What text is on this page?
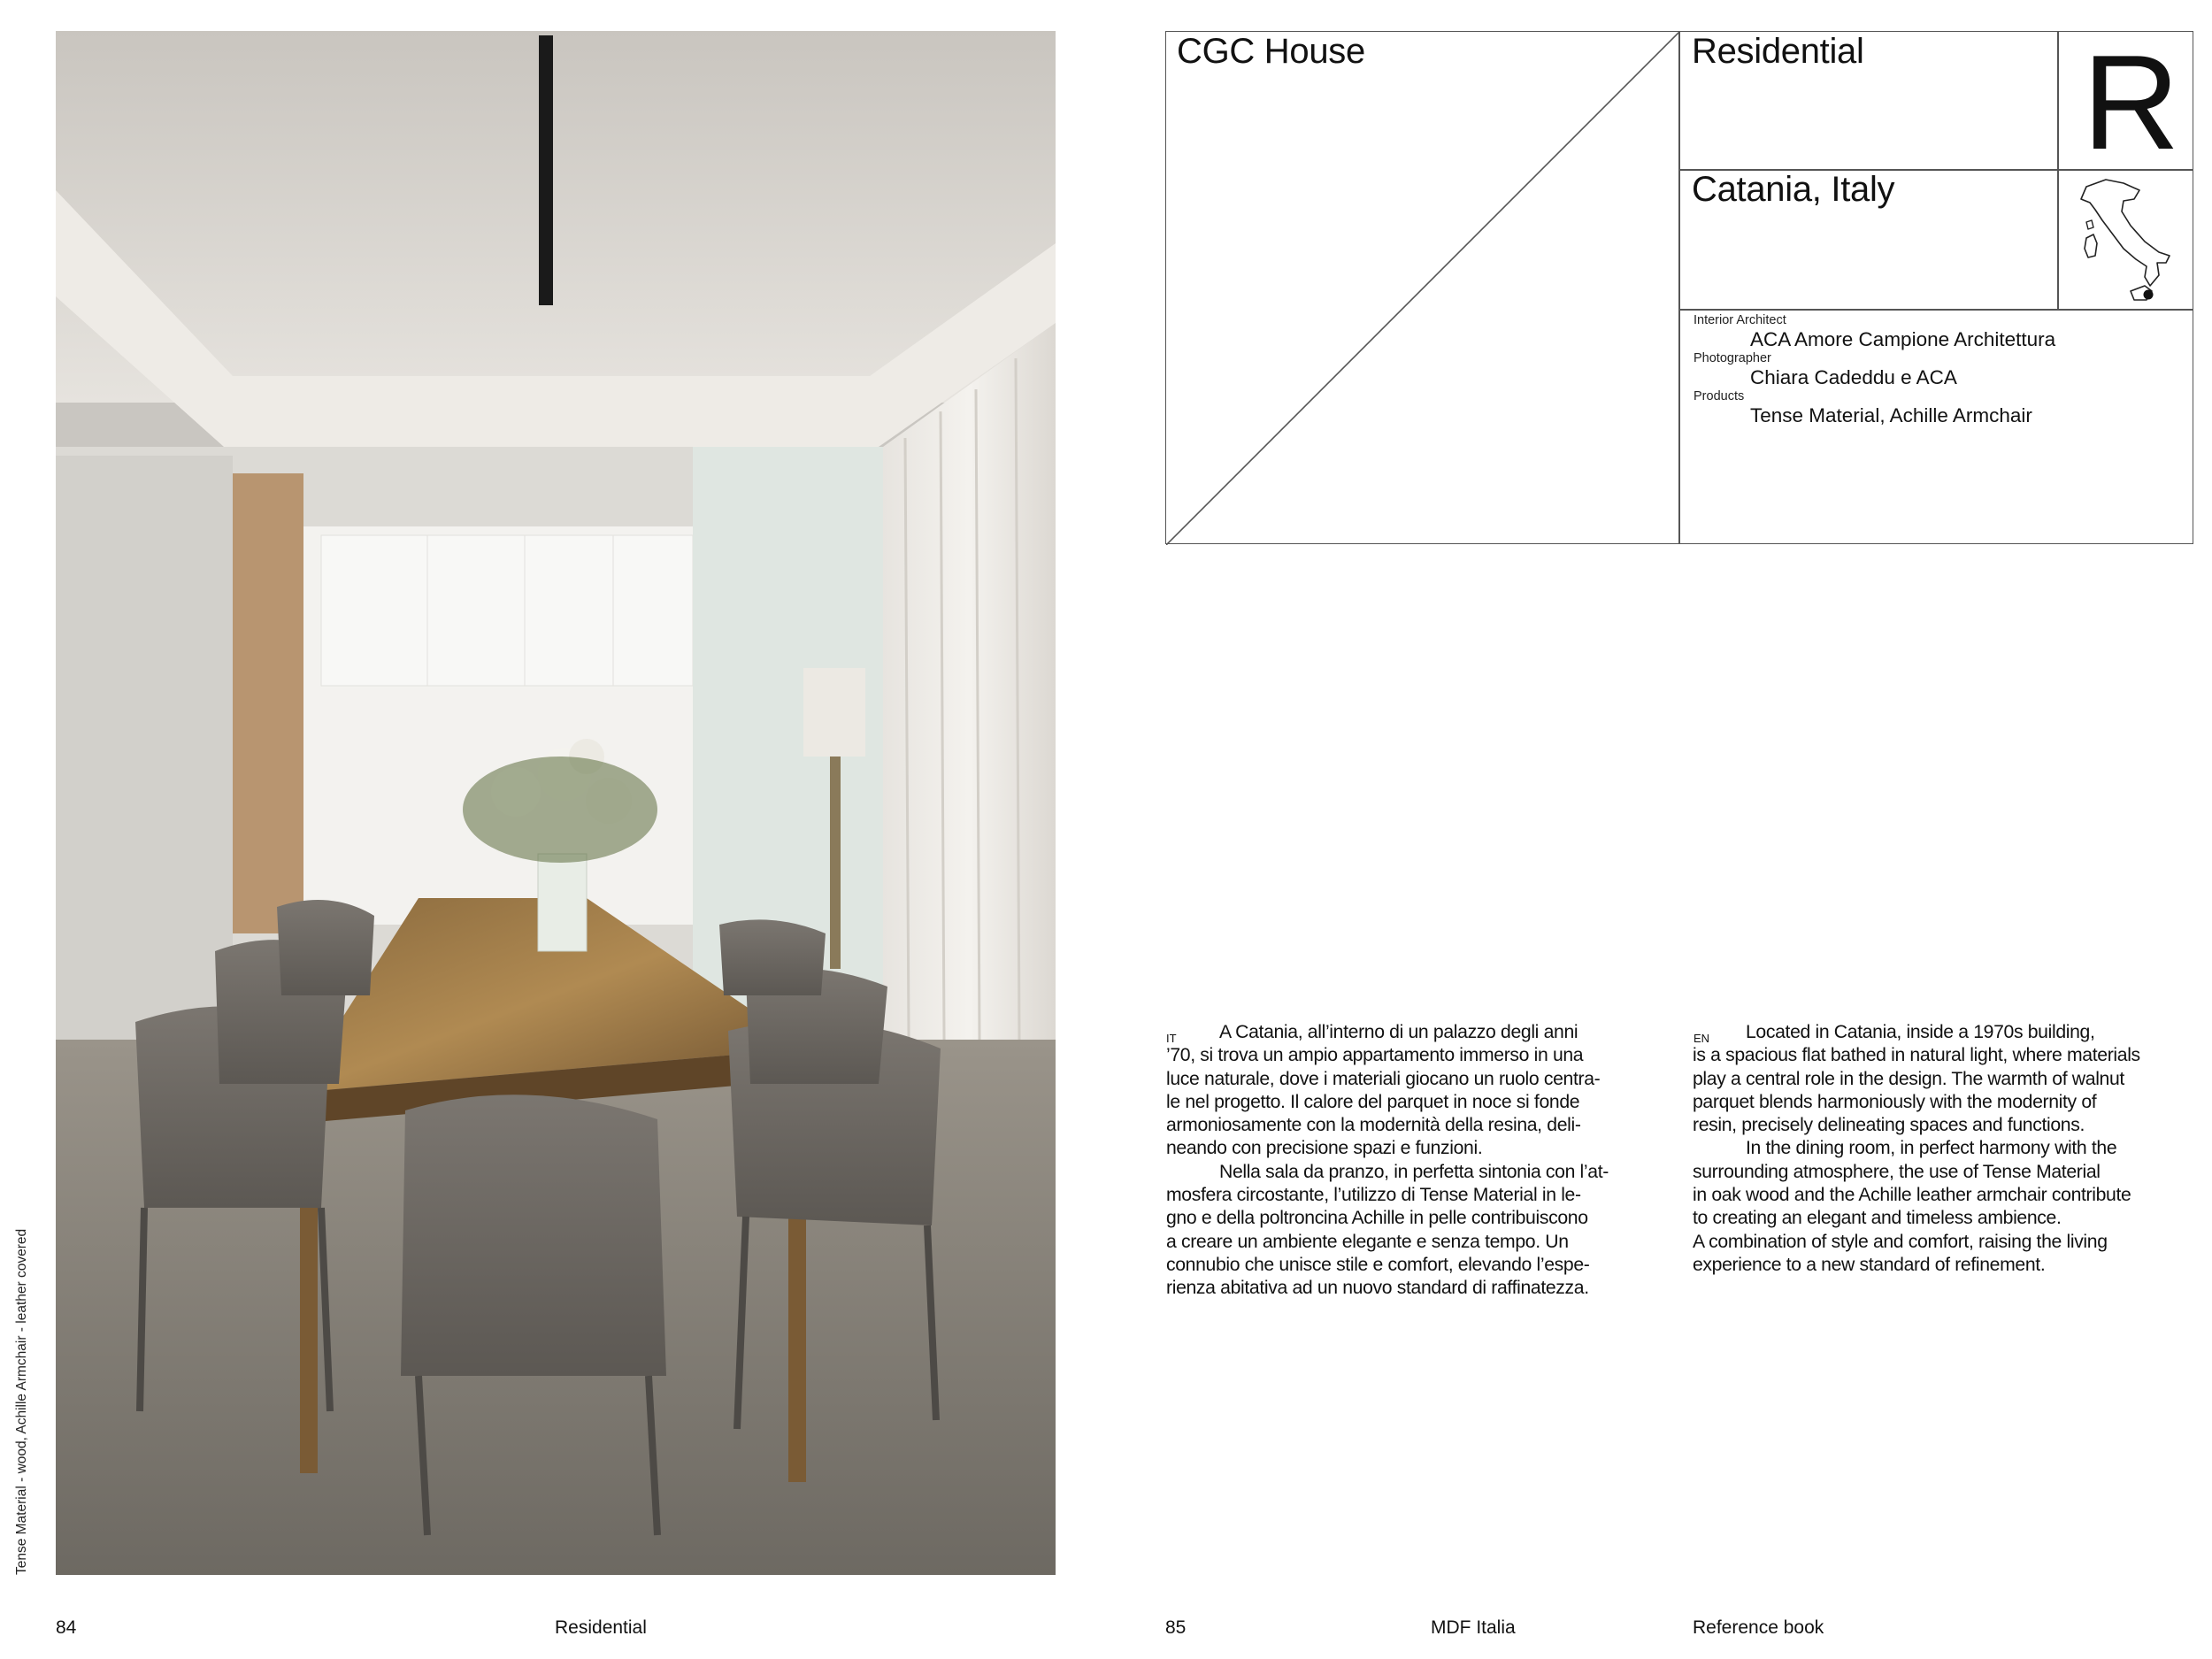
Tense Material - wood, Achille Armchair - leather covered
CGC House	Residential R
Catania, Italy
Interior Architect
ACA Amore Campione Architettura
Photographer
Chiara Cadeddu e ACA
Products
Tense Material, Achille Armchair
IT	A Catania, all’interno di un palazzo degli anni
’70, si trova un ampio appartamento immerso in una
luce naturale, dove i materiali giocano un ruolo centra-
le nel progetto. Il calore del parquet in noce si fonde
armoniosamente con la modernità della resina, deli-
neando con precisione spazi e funzioni.
Nella sala da pranzo, in perfetta sintonia con l’at-
mosfera circostante, l’utilizzo di Tense Material in le-
gno e della poltroncina Achille in pelle contribuiscono
a creare un ambiente elegante e senza tempo. Un
connubio che unisce stile e comfort, elevando l’espe-
rienza abitativa ad un nuovo standard di raffinatezza.
EN	Located in Catania, inside a 1970s building,
is a spacious flat bathed in natural light, where materials
play a central role in the design. The warmth of walnut
parquet blends harmoniously with the modernity of
resin, precisely delineating spaces and functions.
In the dining room, in perfect harmony with the
surrounding atmosphere, the use of Tense Material
in oak wood and the Achille leather armchair contribute
to creating an elegant and timeless ambience.
A combination of style and comfort, raising the living
experience to a new standard of refinement.
84	Residential	85	MDF Italia	Reference book
